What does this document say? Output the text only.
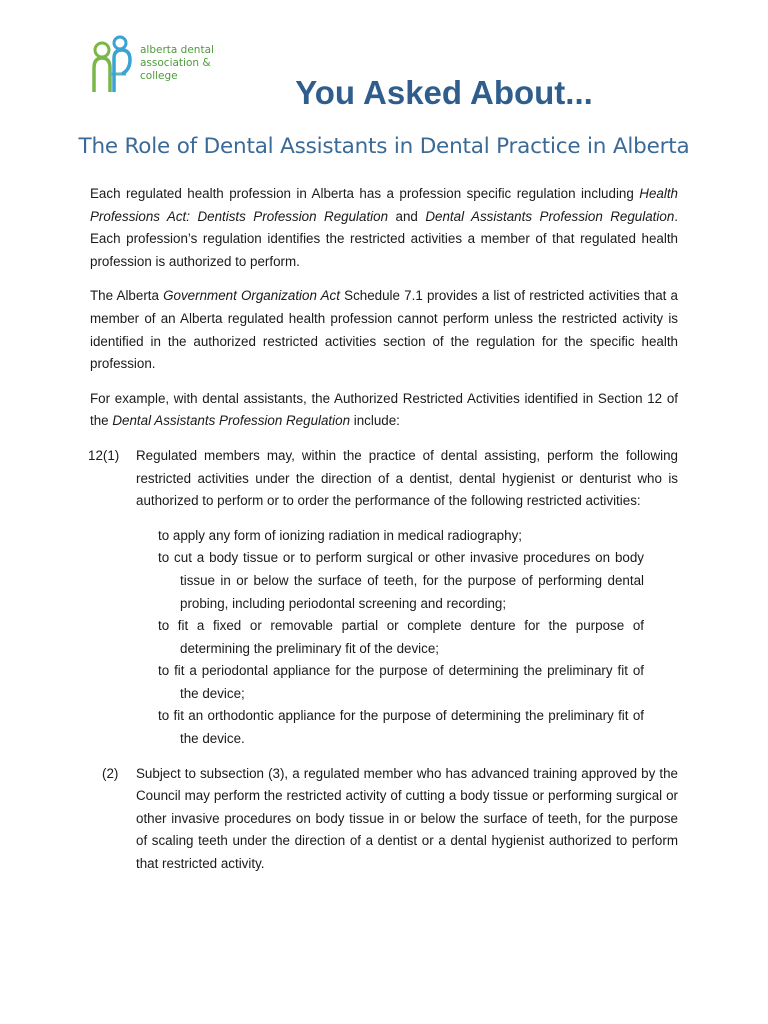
alberta dental
association & college	You Asked About...
The Role of Dental Assistants in Dental Practice in Alberta

Each regulated health profession in Alberta has a profession specific regulation including Health Professions Act: Dentists Profession Regulation and Dental Assistants Profession Regulation. Each profession’s regulation identifies the restricted activities a member of that regulated health profession is authorized to perform.

The Alberta Government Organization Act Schedule 7.1 provides a list of restricted activities that a member of an Alberta regulated health profession cannot perform unless the restricted activity is identified in the authorized restricted activities section of the regulation for the specific health profession.

For example, with dental assistants, the Authorized Restricted Activities identified in Section 12 of the Dental Assistants Profession Regulation include:

12(1) Regulated members may, within the practice of dental assisting, perform the following restricted activities under the direction of a dentist, dental hygienist or denturist who is authorized to perform or to order the performance of the following restricted activities:
to apply any form of ionizing radiation in medical radiography;
to cut a body tissue or to perform surgical or other invasive procedures on body tissue in or below the surface of teeth, for the purpose of performing dental probing, including periodontal screening and recording;
to fit a fixed or removable partial or complete denture for the purpose of determining the preliminary fit of the device;
to fit a periodontal appliance for the purpose of determining the preliminary fit of the device;
to fit an orthodontic appliance for the purpose of determining the preliminary fit of the device.
(2) Subject to subsection (3), a regulated member who has advanced training approved by the Council may perform the restricted activity of cutting a body tissue or performing surgical or other invasive procedures on body tissue in or below the surface of teeth, for the purpose of scaling teeth under the direction of a dentist or a dental hygienist authorized to perform that restricted activity.
